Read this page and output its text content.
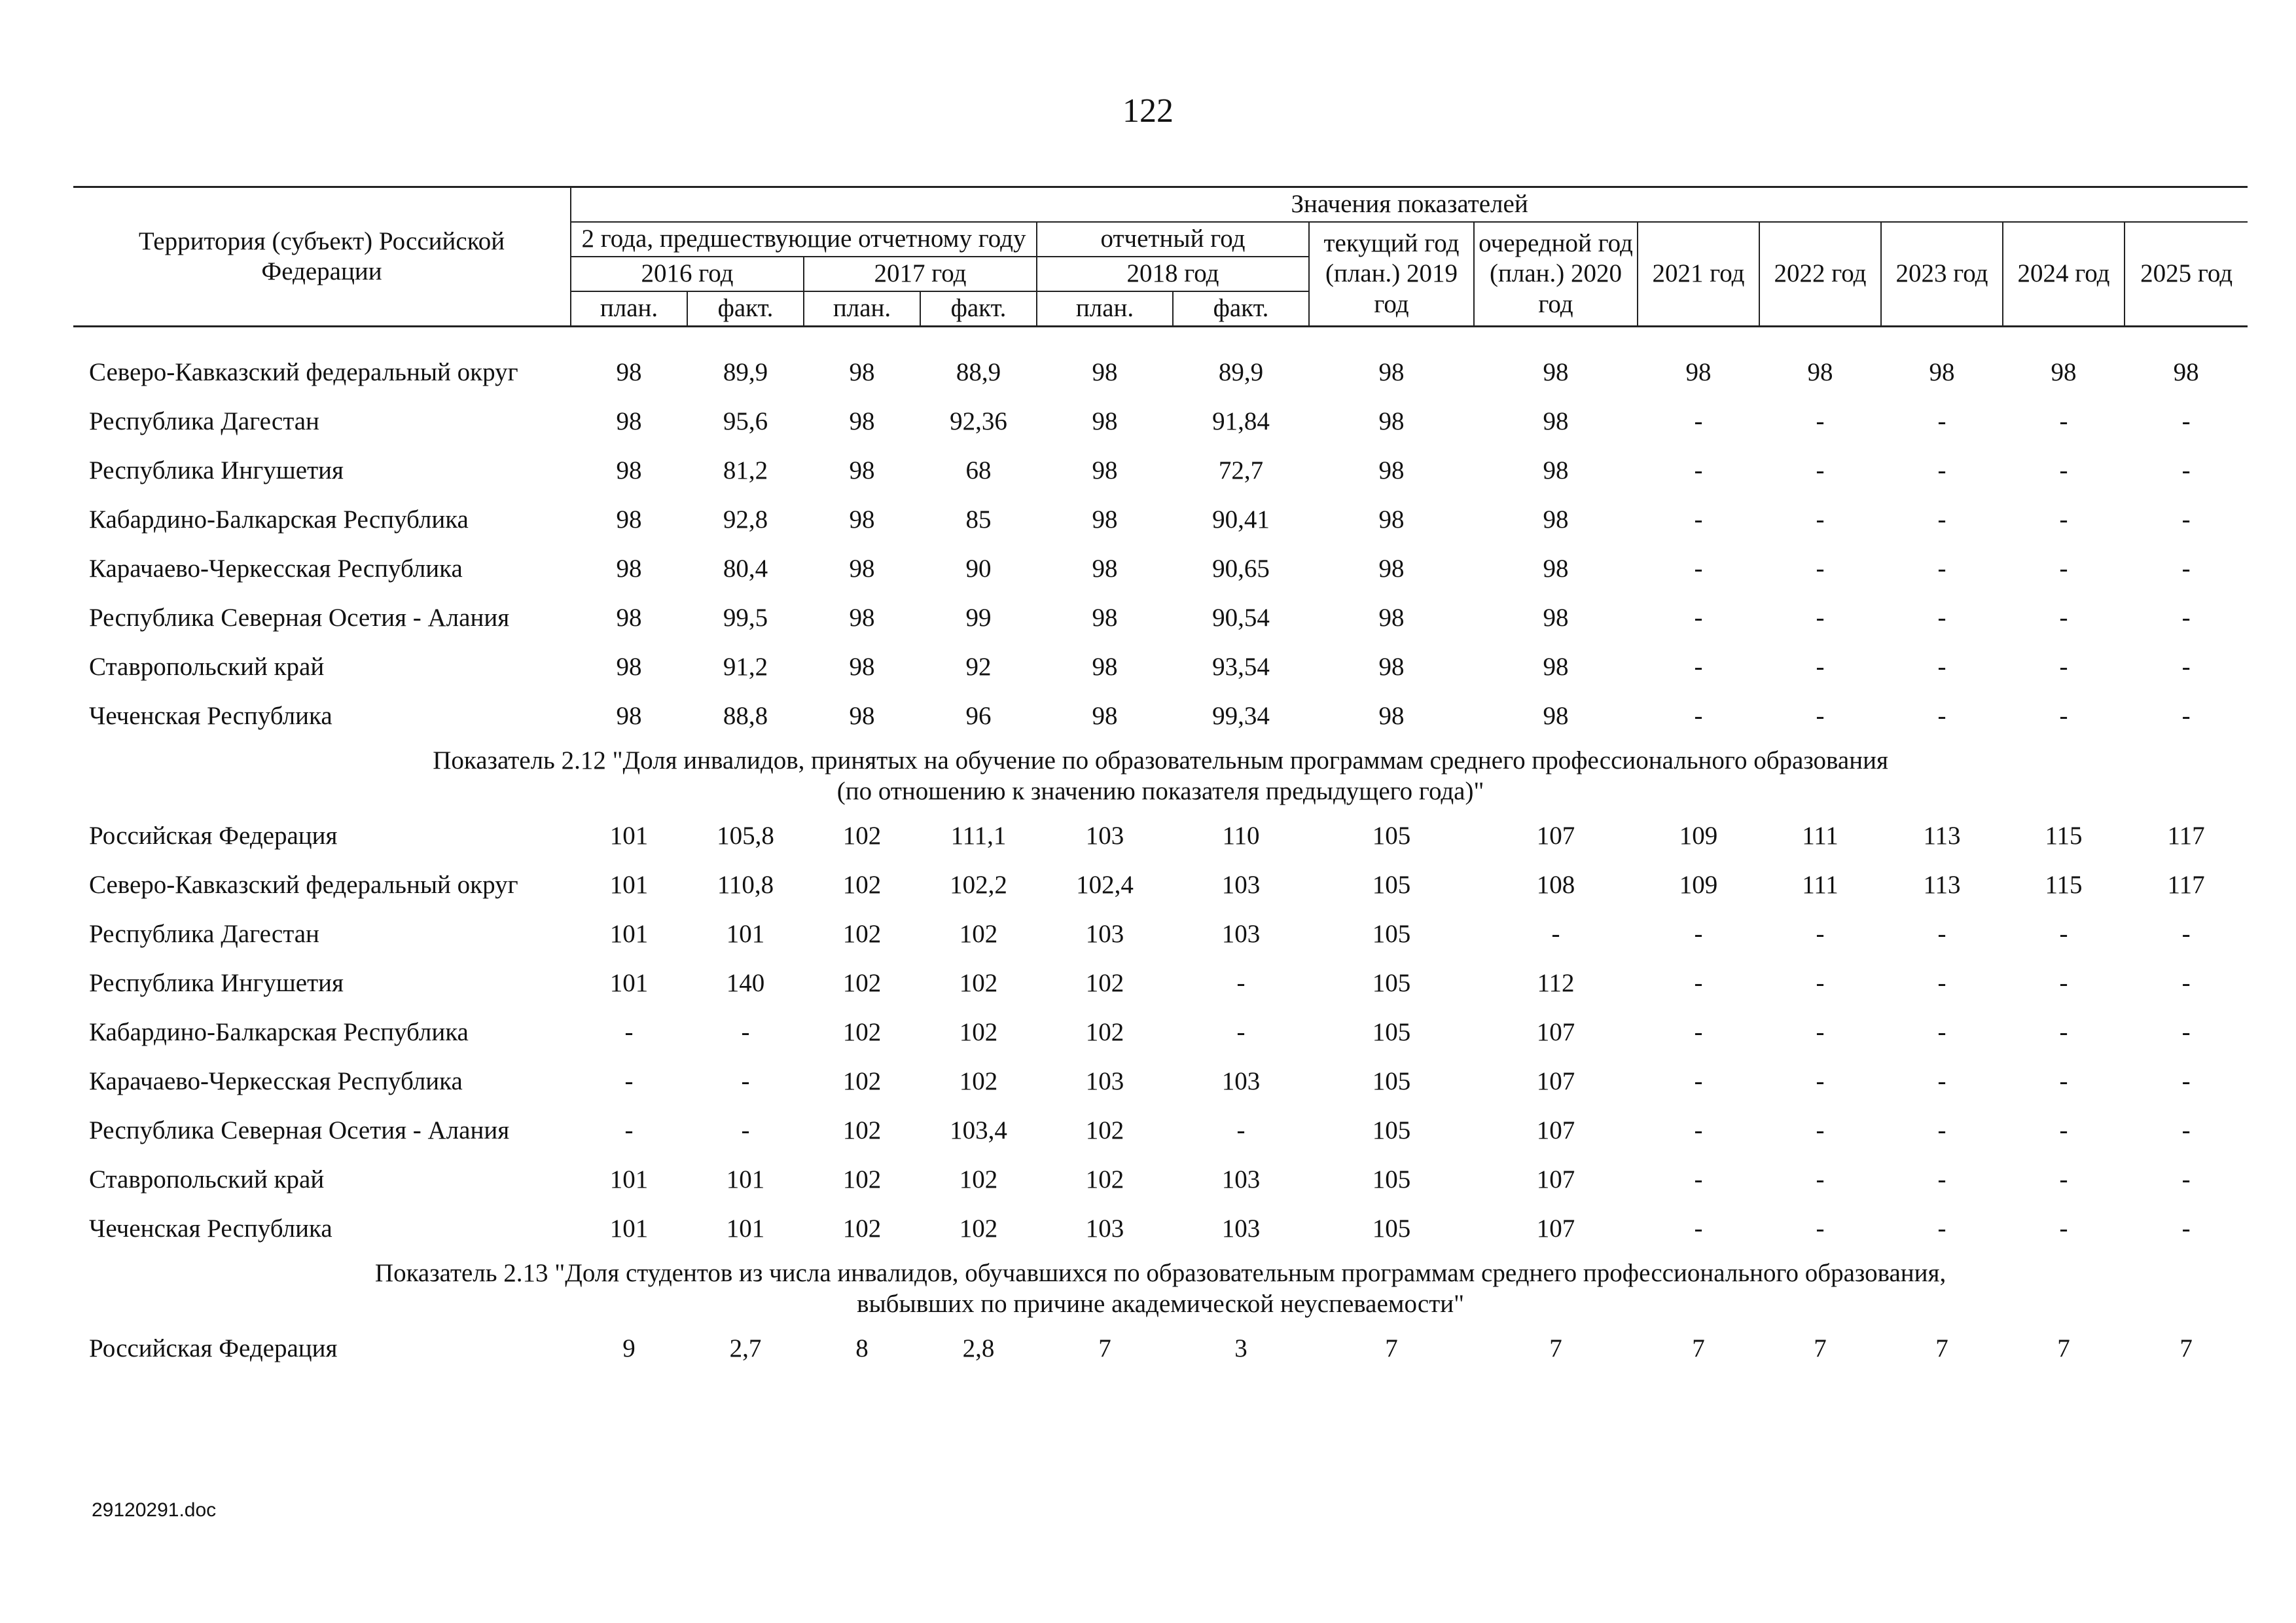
122
Территория (субъект) Российской Федерации	Значения показателей												
	2 года, предшествующие отчетному году				отчетный год		текущий год (план.) 2019 год	очередной год (план.) 2020 год	2021 год	2022 год	2023 год	2024 год	2025 год

	2016 год		2017 год		2018 год								
	план.	факт.	план.	факт.	план.	факт.							

Северо-Кавказский федеральный округ	98	89,9	98	88,9	98	89,9	98	98	98	98	98	98	98
Республика Дагестан	98	95,6	98	92,36	98	91,84	98	98	-	-	-	-	-
Республика Ингушетия	98	81,2	98	68	98	72,7	98	98	-	-	-	-	-
Кабардино-Балкарская Республика	98	92,8	98	85	98	90,41	98	98	-	-	-	-	-
Карачаево-Черкесская Республика	98	80,4	98	90	98	90,65	98	98	-	-	-	-	-
Республика Северная Осетия - Алания	98	99,5	98	99	98	90,54	98	98	-	-	-	-	-
Ставропольский край	98	91,2	98	92	98	93,54	98	98	-	-	-	-	-
Чеченская Республика	98	88,8	98	96	98	99,34	98	98	-	-	-	-	-

Показатель 2.12 "Доля инвалидов, принятых на обучение по образовательным программам среднего профессионального образования
(по отношению к значению показателя предыдущего года)"													

Российская Федерация	101	105,8	102	111,1	103	110	105	107	109	111	113	115	117
Северо-Кавказский федеральный округ	101	110,8	102	102,2	102,4	103	105	108	109	111	113	115	117
Республика Дагестан	101	101	102	102	103	103	105	-	-	-	-	-	-
Республика Ингушетия	101	140	102	102	102	-	105	112	-	-	-	-	-
Кабардино-Балкарская Республика	-	-	102	102	102	-	105	107	-	-	-	-	-
Карачаево-Черкесская Республика	-	-	102	102	103	103	105	107	-	-	-	-	-
Республика Северная Осетия - Алания	-	-	102	103,4	102	-	105	107	-	-	-	-	-
Ставропольский край	101	101	102	102	102	103	105	107	-	-	-	-	-
Чеченская Республика	101	101	102	102	103	103	105	107	-	-	-	-	-

Показатель 2.13 "Доля студентов из числа инвалидов, обучавшихся по образовательным программам среднего профессионального образования,
выбывших по причине академической неуспеваемости"													

Российская Федерация	9	2,7	8	2,8	7	3	7	7	7	7	7	7	7
29120291.doc
